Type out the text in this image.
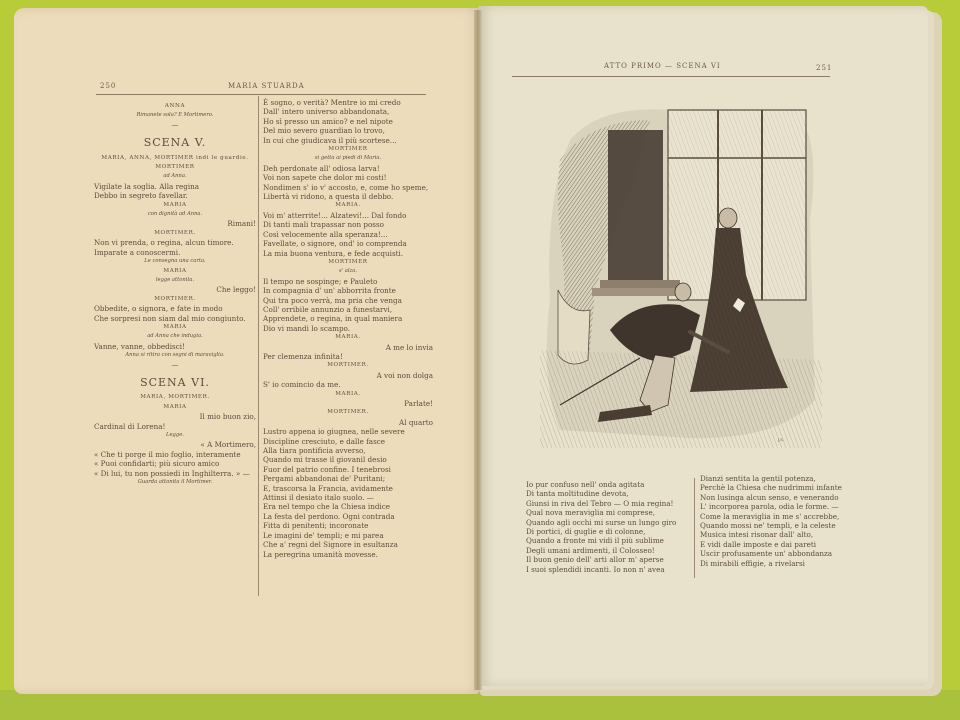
250	MARIA STUARDA
ANNA
Rimanete sola? E Mortimero.
—
SCENA V.
MARIA, ANNA, MORTIMER indi le guardie.
MORTIMER
ad Anna.
Vigilate la soglia. Alla regina
Debbo in segreto favellar.
MARIA
con dignità ad Anna.
Rimani!
MORTIMER.
Non vi prenda, o regina, alcun timore.
Imparate a conoscermi.
Le consegna una carta.
MARIA
legge attonita.
Che leggo!
MORTIMER.
Obbedite, o signora, e fate in modo
Che sorpresi non siam dal mio congiunto.
MARIA
ad Anna che indugia.
Vanne, vanne, obbedisci!
Anna si ritira con segni di maraviglia.
—
SCENA VI.
MARIA, MORTIMER.
MARIA
Il mio buon zio,
Cardinal di Lorena!
Legge.
« A Mortimero,
« Che ti porge il mio foglio, interamente
« Puoi confidarti; più sicuro amico
« Di lui, tu non possiedi in Inghilterra. » —
Guarda attonita il Mortimer.
È sogno, o verità? Mentre io mi credo
Dall' intero universo abbandonata,
Ho sì presso un amico? e nel nipote
Del mio severo guardian lo trovo,
In cui che giudicava il più scortese...
MORTIMER
si getta ai piedi di Maria.
Deh perdonate all' odiosa larva!
Voi non sapete che dolor mi costi!
Nondimen s' io v' accosto, e, come ho speme,
Libertà vi ridono, a questa il debbo.
MARIA.
Voi m' atterrite!... Alzatevi!... Dal fondo
Di tanti mali trapassar non posso
Così velocemente alla speranza!...
Favellate, o signore, ond' io comprenda
La mia buona ventura, e fede acquisti.
MORTIMER
s' alza.
Il tempo ne sospinge; e Pauleto
In compagnia d' un' abborrita fronte
Qui tra poco verrà, ma pria che venga
Coll' orribile annunzio a funestarvi,
Apprendete, o regina, in qual maniera
Dio vi mandi lo scampo.
MARIA.
A me lo invia
Per clemenza infinita!
MORTIMER.
A voi non dolga
S' io comincio da me.
MARIA.
Parlate!
MORTIMER.
Al quarto
Lustro appena io giugnea, nelle severe
Discipline cresciuto, e dalle fasce
Alla tiara pontificia avverso,
Quando mi trasse il giovanil desio
Fuor del patrio confine. I tenebrosi
Pergami abbandonai de' Puritani;
E, trascorsa la Francia, avidamente
Attinsi il desiato italo suolo. —
Era nel tempo che la Chiesa indice
La festa del perdono. Ogni contrada
Fitta di penitenti; incoronate
Le imagini de' templi; e mi parea
Che a' regni del Signore in esultanza
La peregrina umanità movesse.
ATTO PRIMO — SCENA VI	251
J.S.
Io pur confuso nell' onda agitata
Di tanta moltitudine devota,
Giunsi in riva del Tebro — O mia regina!
Qual nova meraviglia mi comprese,
Quando agli occhi mi surse un lungo giro
Di portici, di guglie e di colonne,
Quando a fronte mi vidi il più sublime
Degli umani ardimenti, il Colosseo!
Il buon genio dell' arti allor m' aperse
I suoi splendidi incanti. Io non n' avea
Dianzi sentita la gentil potenza,
Perchè la Chiesa che nudrimmi infante
Non lusinga alcun senso, e venerando
L' incorporea parola, odia le forme. —
Come la meraviglia in me s' accrebbe,
Quando mossi ne' templi, e la celeste
Musica intesi risonar dall' alto,
E vidi dalle imposte e dai pareti
Uscir profusamente un' abbondanza
Di mirabili effigie, a rivelarsi
